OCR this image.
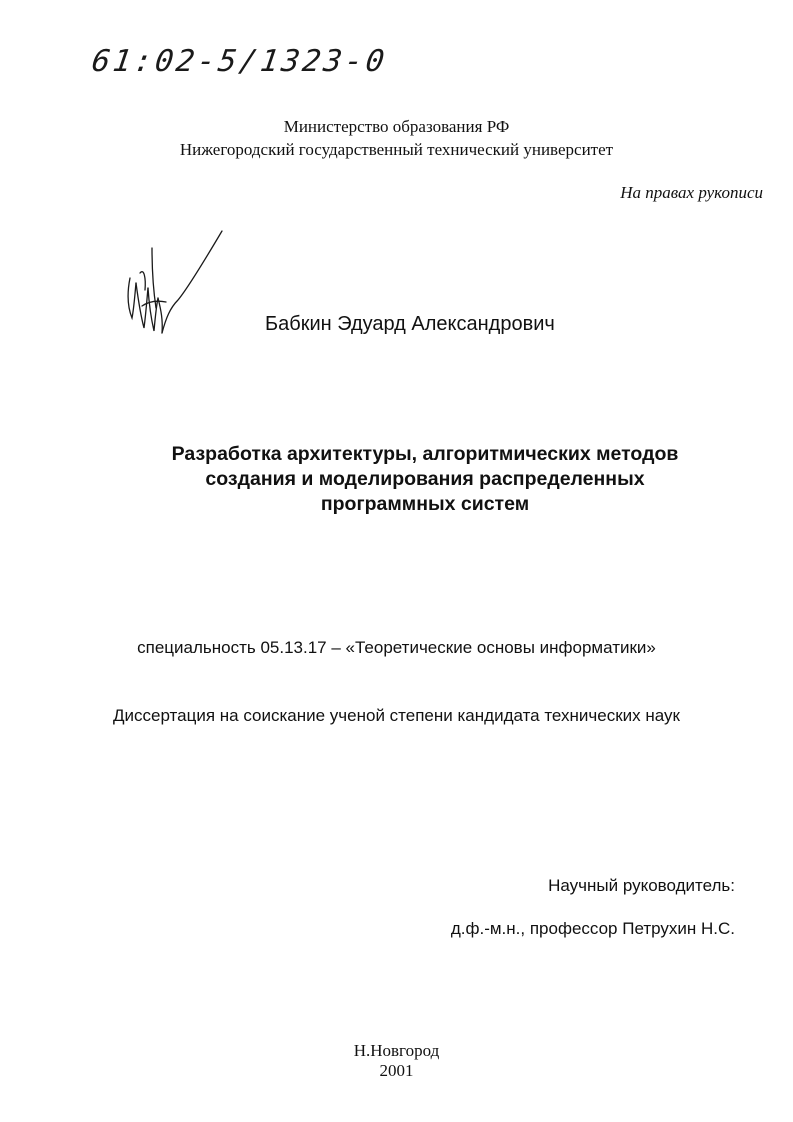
61:02-5/1323-0
Министерство образования РФ
Нижегородский государственный технический университет
На правах рукописи
Бабкин Эдуард Александрович
Разработка архитектуры, алгоритмических методов
создания и моделирования распределенных
программных систем
специальность 05.13.17 – «Теоретические основы информатики»
Диссертация на соискание ученой степени кандидата технических наук
Научный руководитель:
д.ф.-м.н., профессор Петрухин Н.С.
Н.Новгород
2001
